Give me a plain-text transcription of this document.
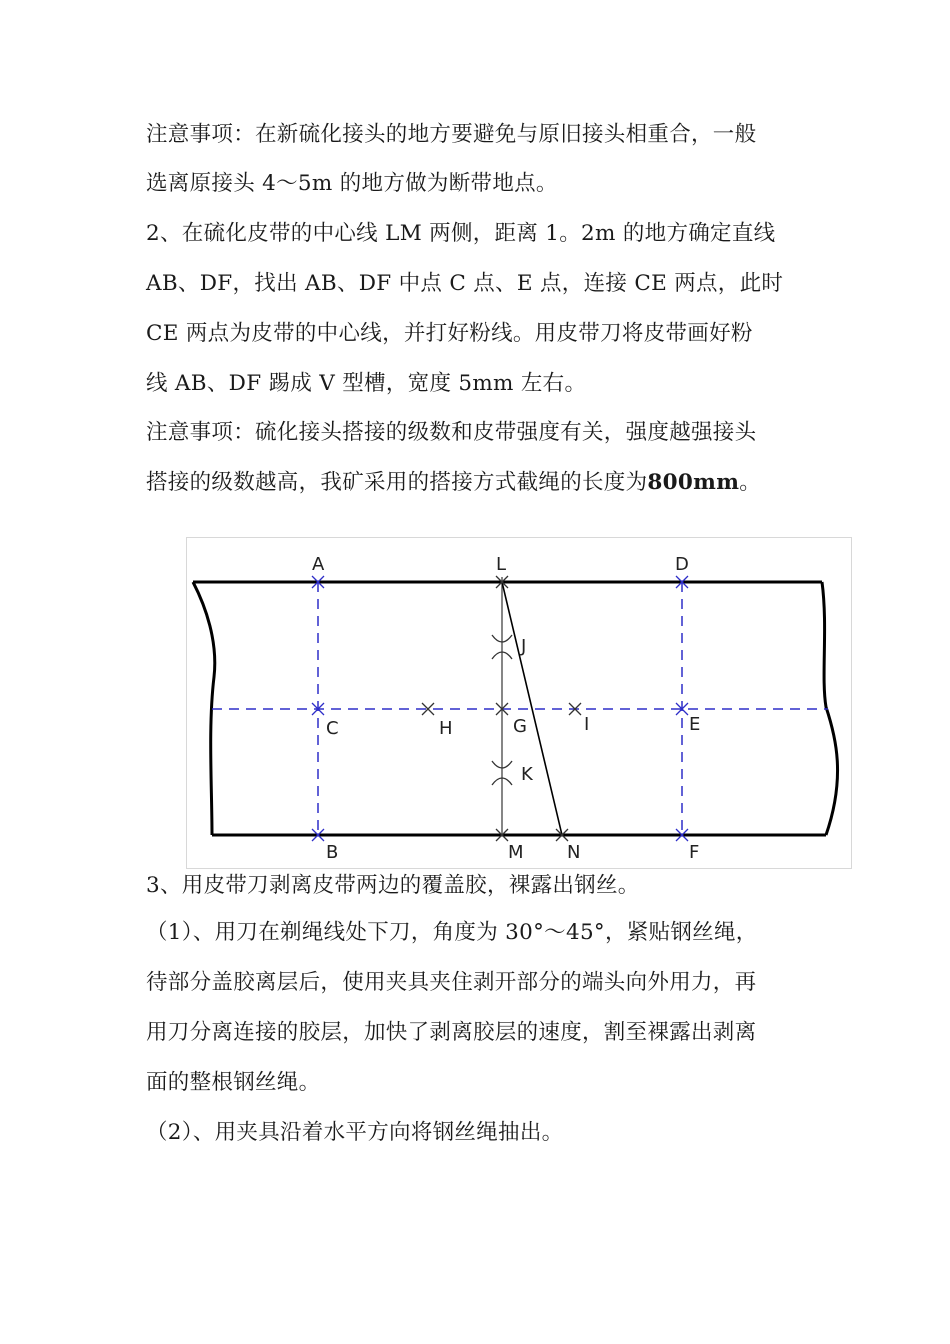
注意事项：在新硫化接头的地方要避免与原旧接头相重合，一般
选离原接头 4～5m 的地方做为断带地点。
2、在硫化皮带的中心线 LM 两侧，距离 1。2m 的地方确定直线
AB、DF，找出 AB、DF 中点 C 点、E 点，连接 CE 两点，此时
CE 两点为皮带的中心线，并打好粉线。用皮带刀将皮带画好粉
线 AB、DF 踢成 V 型槽，宽度 5mm 左右。
注意事项：硫化接头搭接的级数和皮带强度有关，强度越强接头
搭接的级数越高，我矿采用的搭接方式截绳的长度为800mm。
A	L	D
J
C	H	G	I	E
K
B	M N	F
3、用皮带刀剥离皮带两边的覆盖胶，裸露出钢丝。
（1）、用刀在剃绳线处下刀，角度为 30°～45°，紧贴钢丝绳，
待部分盖胶离层后，使用夹具夹住剥开部分的端头向外用力，再
用刀分离连接的胶层，加快了剥离胶层的速度，割至裸露出剥离
面的整根钢丝绳。
（2）、用夹具沿着水平方向将钢丝绳抽出。
